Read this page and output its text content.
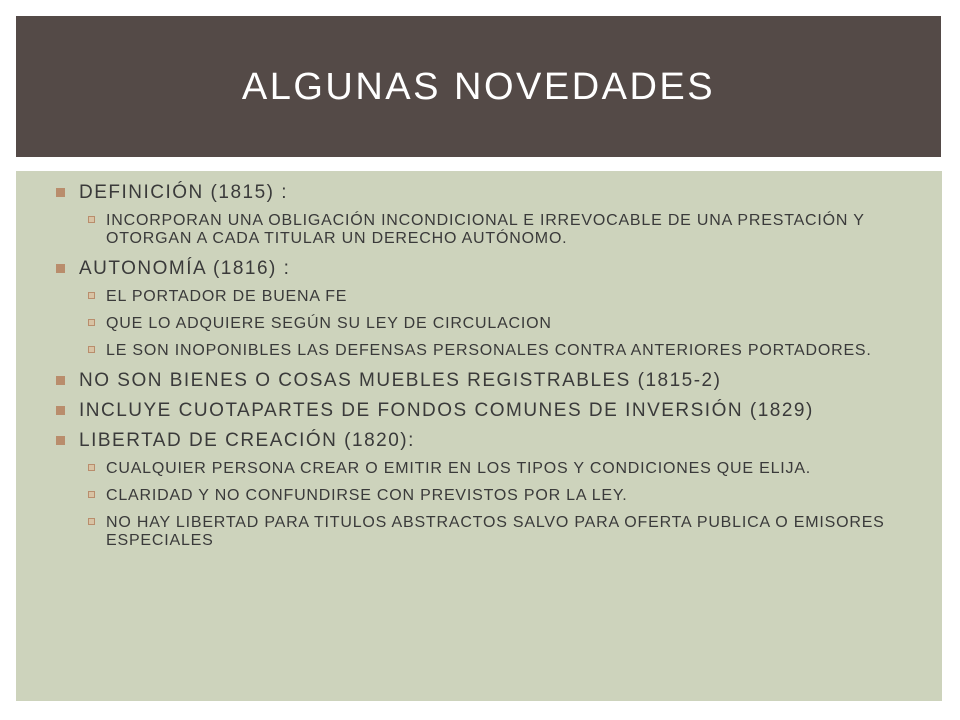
ALGUNAS NOVEDADES
DEFINICIÓN (1815) :
INCORPORAN UNA OBLIGACIÓN INCONDICIONAL E IRREVOCABLE DE UNA PRESTACIÓN Y OTORGAN A CADA TITULAR UN DERECHO AUTÓNOMO.
AUTONOMÍA (1816) :
EL PORTADOR DE BUENA FE
QUE LO ADQUIERE SEGÚN SU LEY DE CIRCULACION
LE SON INOPONIBLES LAS DEFENSAS PERSONALES CONTRA ANTERIORES PORTADORES.
NO SON BIENES O COSAS MUEBLES REGISTRABLES (1815-2)
INCLUYE CUOTAPARTES DE FONDOS COMUNES DE INVERSIÓN (1829)
LIBERTAD DE CREACIÓN (1820):
CUALQUIER PERSONA CREAR O EMITIR EN LOS TIPOS Y CONDICIONES QUE ELIJA.
CLARIDAD Y NO CONFUNDIRSE CON PREVISTOS POR LA LEY.
NO HAY LIBERTAD PARA TITULOS ABSTRACTOS SALVO PARA OFERTA PUBLICA O EMISORES ESPECIALES
